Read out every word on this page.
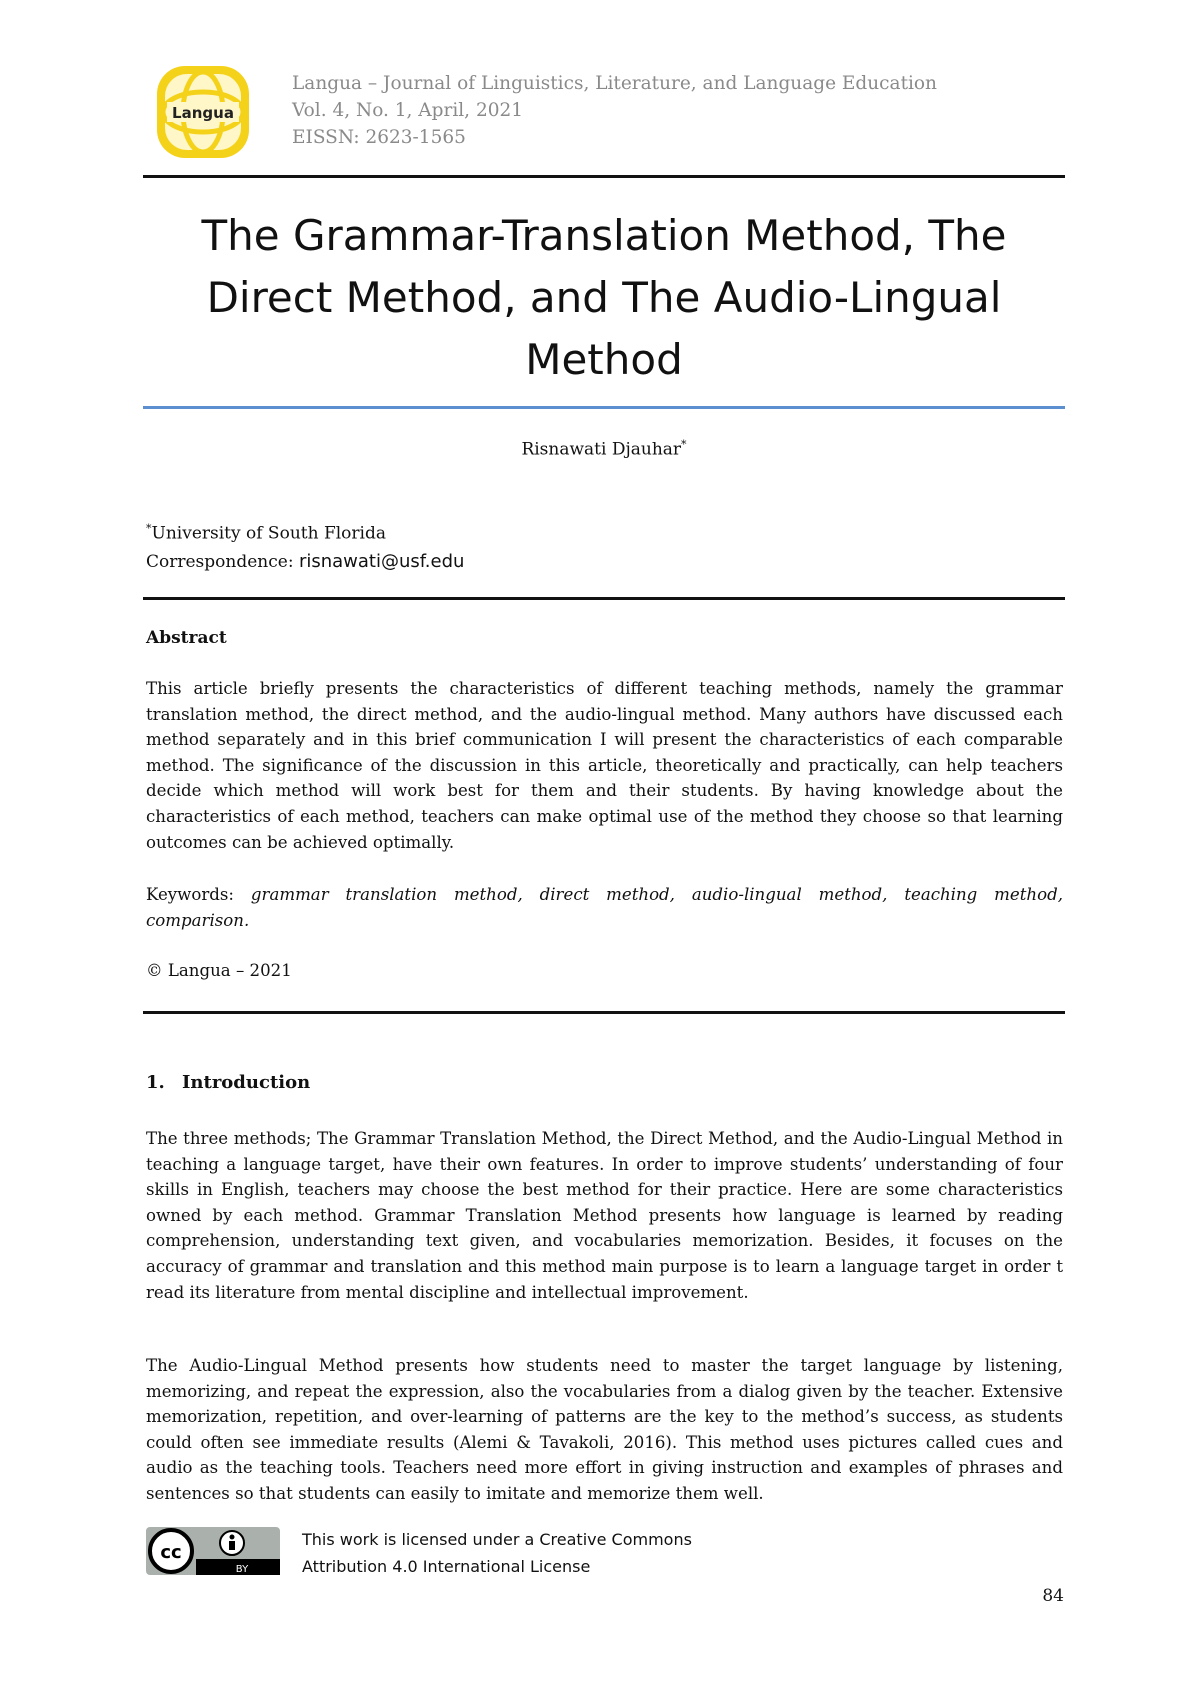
Langua
Langua – Journal of Linguistics, Literature, and Language Education
Vol. 4, No. 1, April, 2021
EISSN: 2623-1565
The Grammar-Translation Method, The
Direct Method, and The Audio-Lingual
Method
Risnawati Djauhar*
*University of South Florida
Correspondence: risnawati@usf.edu
Abstract
This article briefly presents the characteristics of different teaching methods, namely the grammar translation method, the direct method, and the audio-lingual method. Many authors have discussed each method separately and in this brief communication I will present the characteristics of each comparable method. The significance of the discussion in this article, theoretically and practically, can help teachers decide which method will work best for them and their students. By having knowledge about the characteristics of each method, teachers can make optimal use of the method they choose so that learning outcomes can be achieved optimally.
Keywords: grammar translation method, direct method, audio-lingual method, teaching method, comparison.
© Langua – 2021
1. Introduction
The three methods; The Grammar Translation Method, the Direct Method, and the Audio-Lingual Method in teaching a language target, have their own features. In order to improve students’ understanding of four skills in English, teachers may choose the best method for their practice. Here are some characteristics owned by each method. Grammar Translation Method presents how language is learned by reading comprehension, understanding text given, and vocabularies memorization. Besides, it focuses on the accuracy of grammar and translation and this method main purpose is to learn a language target in order t read its literature from mental discipline and intellectual improvement.
The Audio-Lingual Method presents how students need to master the target language by listening, memorizing, and repeat the expression, also the vocabularies from a dialog given by the teacher. Extensive memorization, repetition, and over-learning of patterns are the key to the method’s success, as students could often see immediate results (Alemi & Tavakoli, 2016). This method uses pictures called cues and audio as the teaching tools. Teachers need more effort in giving instruction and examples of phrases and sentences so that students can easily to imitate and memorize them well.
cc
BY
This work is licensed under a Creative Commons
Attribution 4.0 International License
84
